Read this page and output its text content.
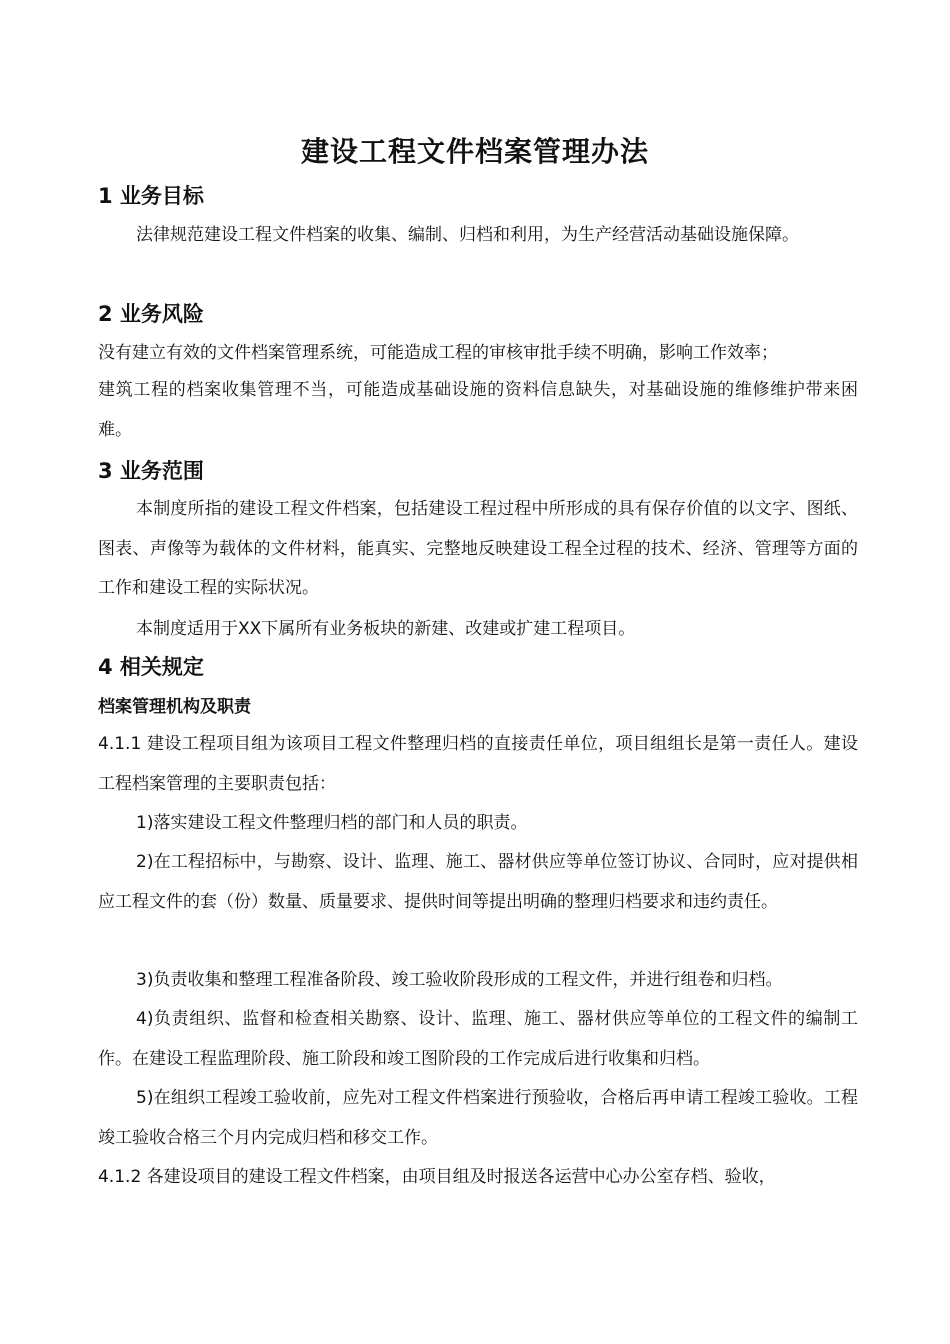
建设工程文件档案管理办法
1 业务目标
法律规范建设工程文件档案的收集、编制、归档和利用，为生产经营活动基础设施保障。
2 业务风险
没有建立有效的文件档案管理系统，可能造成工程的审核审批手续不明确，影响工作效率；
建筑工程的档案收集管理不当，可能造成基础设施的资料信息缺失，对基础设施的维修维护带来困难。
3 业务范围
本制度所指的建设工程文件档案，包括建设工程过程中所形成的具有保存价值的以文字、图纸、图表、声像等为载体的文件材料，能真实、完整地反映建设工程全过程的技术、经济、管理等方面的工作和建设工程的实际状况。
本制度适用于XX下属所有业务板块的新建、改建或扩建工程项目。
4 相关规定
档案管理机构及职责
4.1.1 建设工程项目组为该项目工程文件整理归档的直接责任单位，项目组组长是第一责任人。建设工程档案管理的主要职责包括：
1)落实建设工程文件整理归档的部门和人员的职责。
2)在工程招标中，与勘察、设计、监理、施工、器材供应等单位签订协议、合同时，应对提供相应工程文件的套（份）数量、质量要求、提供时间等提出明确的整理归档要求和违约责任。
3)负责收集和整理工程准备阶段、竣工验收阶段形成的工程文件，并进行组卷和归档。
4)负责组织、监督和检查相关勘察、设计、监理、施工、器材供应等单位的工程文件的编制工作。在建设工程监理阶段、施工阶段和竣工图阶段的工作完成后进行收集和归档。
5)在组织工程竣工验收前，应先对工程文件档案进行预验收，合格后再申请工程竣工验收。工程竣工验收合格三个月内完成归档和移交工作。
4.1.2 各建设项目的建设工程文件档案，由项目组及时报送各运营中心办公室存档、验收，
